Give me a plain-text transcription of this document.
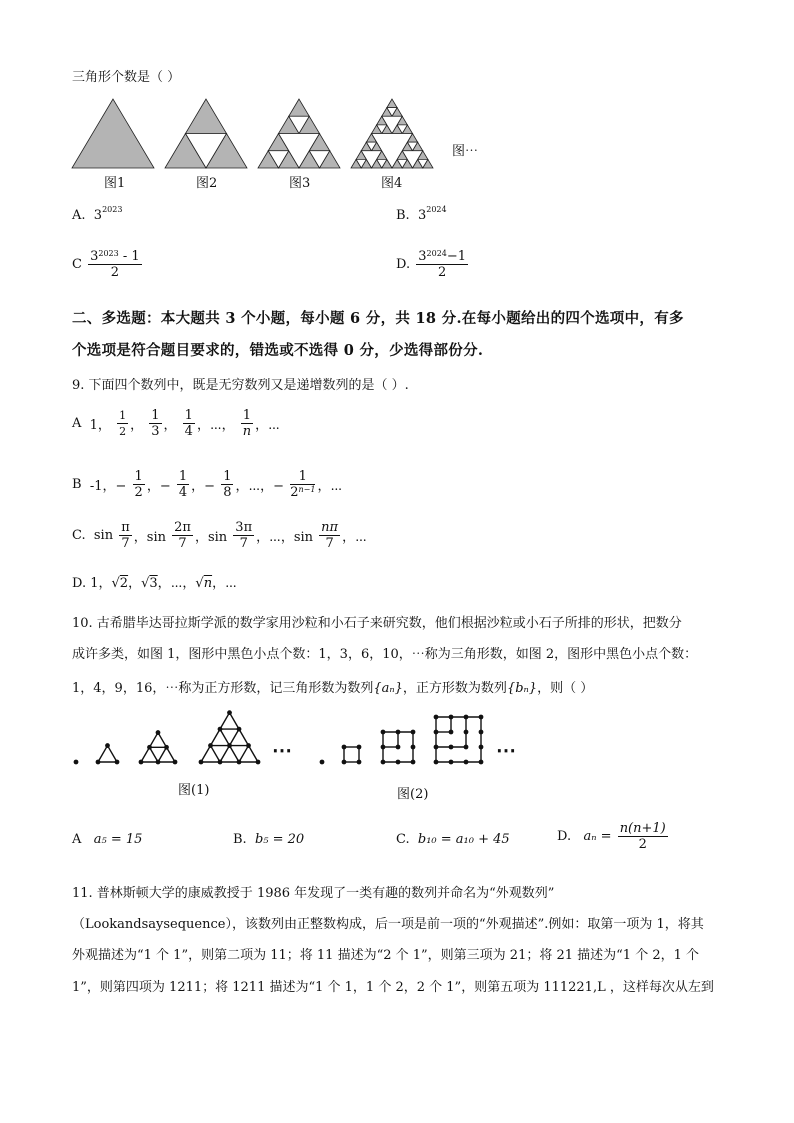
三角形个数是（ ）
图1	图2	图3	图4
图⋯
A. $3^{2023}$	B. $3^{2024}$
C $\frac{3^{2023} - 1}{2}$	D. $\frac{3^{2024}-1}{2}$
二、多选题：本大题共 3 个小题，每小题 6 分，共 18 分.在每小题给出的四个选项中，有多
个选项是符合题目要求的，错选或不选得 0 分，少选得部份分.
9. 下面四个数列中，既是无穷数列又是递增数列的是（ ）.
A 1， $\frac{1}{2}$ ， $\frac{1}{3}$ ， $\frac{1}{4}$ ，⋯， $\frac{1}{n}$ ，⋯
B -1，− $\frac{1}{2}$ ，− $\frac{1}{4}$ ，− $\frac{1}{8}$ ，⋯，− $\frac{1}{2^{n-1}}$ ，⋯
C. $\sin \frac{\pi}{7}$ ，$\sin \frac{2\pi}{7}$ ，$\sin \frac{3\pi}{7}$ ，⋯，$\sin \frac{n\pi}{7}$ ，⋯
D. 1，√2，√3，⋯，√n，⋯
10. 古希腊毕达哥拉斯学派的数学家用沙粒和小石子来研究数，他们根据沙粒或小石子所排的形状，把数分
成许多类，如图 1，图形中黑色小点个数：1，3，6，10，⋯称为三角形数，如图 2，图形中黑色小点个数：
1，4，9，16，⋯称为正方形数，记三角形数为数列{aₙ}，正方形数为数列{bₙ}，则（ ）
⋯	⋯
图(1)	图(2)
A a₅ = 15	B. b₅ = 20	C. b₁₀ = a₁₀ + 45	D. $a_n = \frac{n(n+1)}{2}$
11. 普林斯顿大学的康威教授于 1986 年发现了一类有趣的数列并命名为“外观数列”
（Lookandsaysequence），该数列由正整数构成，后一项是前一项的“外观描述”.例如：取第一项为 1，将其
外观描述为“1 个 1”，则第二项为 11；将 11 描述为“2 个 1”，则第三项为 21；将 21 描述为“1 个 2，1 个
1”，则第四项为 1211；将 1211 描述为“1 个 1，1 个 2，2 个 1”，则第五项为 111221,L ，这样每次从左到
